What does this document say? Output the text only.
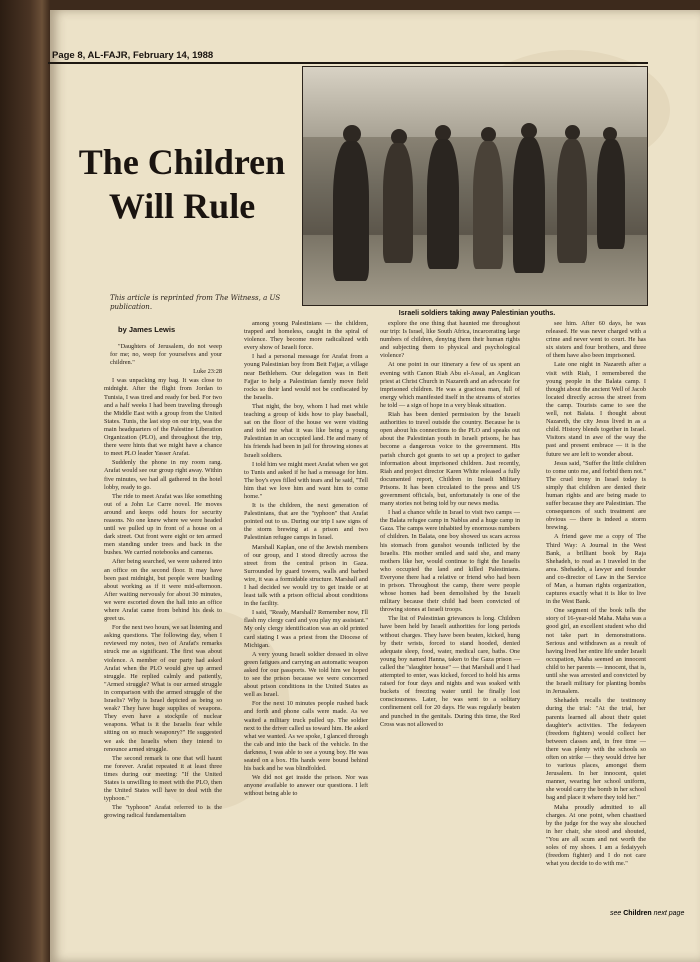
Page 8, AL-FAJR, February 14, 1988
Israeli soldiers taking away Palestinian youths.
The Children
Will Rule
This article is reprinted from The Witness, a US publication.
by James Lewis

"Daughters of Jerusalem, do not weep for me; no, weep for yourselves and your children."

Luke 23:28

I was unpacking my bag. It was close to midnight. After the flight from Jordan to Tunisia, I was tired and ready for bed. For two and a half weeks I had been traveling through the Middle East with a group from the United States. Tunis, the last stop on our trip, was the main headquarters of the Palestine Liberation Organization (PLO), and throughout the trip, there were hints that we might have a chance to meet PLO leader Yasser Arafat.

Suddenly the phone in my room rang. Arafat would see our group right away. Within five minutes, we had all gathered in the hotel lobby, ready to go.

The ride to meet Arafat was like something out of a John Le Carre novel. He moves around and keeps odd hours for security reasons. No one knew where we were headed until we pulled up in front of a house on a dark street. Out front were eight or ten armed men standing under trees and back in the bushes. We carried notebooks and cameras.

After being searched, we were ushered into an office on the second floor. It may have been past midnight, but people were bustling about working as if it were mid-afternoon. After waiting nervously for about 30 minutes, we were escorted down the hall into an office where Arafat came from behind his desk to greet us.

For the next two hours, we sat listening and asking questions. The following day, when I reviewed my notes, two of Arafat's remarks struck me as significant. The first was about violence. A member of our party had asked Arafat when the PLO would give up armed struggle. He replied calmly and patiently, "Armed struggle? What is our armed struggle in comparison with the armed struggle of the Israelis? Why is Israel depicted as being so weak? They have huge supplies of weapons. They even have a stockpile of nuclear weapons. What is it the Israelis fear while sitting on so much weaponry?" He suggested we ask the Israelis when they intend to renounce armed struggle.

The second remark is one that will haunt me forever. Arafat repeated it at least three times during our meeting: "If the United States is unwilling to meet with the PLO, then the United States will have to deal with the typhoon."

The "typhoon" Arafat referred to is the growing radical fundamentalism

among young Palestinians — the children, trapped and homeless, caught in the spiral of violence. They become more radicalized with every show of Israeli force.

I had a personal message for Arafat from a young Palestinian boy from Beit Fajjar, a village near Bethlehem. Our delegation was in Beit Fajjar to help a Palestinian family move field rocks so their land would not be confiscated by the Israelis.

That night, the boy, whom I had met while teaching a group of kids how to play baseball, sat on the floor of the house we were visiting and told me what it was like being a young Palestinian in an occupied land. He and many of his friends had been in jail for throwing stones at Israeli soldiers.

I told him we might meet Arafat when we got to Tunis and asked if he had a message for him. The boy's eyes filled with tears and he said, "Tell him that we love him and want him to come home."

It is the children, the next generation of Palestinians, that are the "typhoon" that Arafat pointed out to us. During our trip I saw signs of the storm brewing at a prison and two Palestinian refugee camps in Israel.

Marshall Kaplan, one of the Jewish members of our group, and I stood directly across the street from the central prison in Gaza. Surrounded by guard towers, walls and barbed wire, it was a formidable structure. Marshall and I had decided we would try to get inside or at least talk with a prison official about conditions in the facility.

I said, "Ready, Marshall? Remember now, I'll flash my clergy card and you play my assistant." My only clergy identification was an old printed card stating I was a priest from the Diocese of Michigan.

A very young Israeli soldier dressed in olive green fatigues and carrying an automatic weapon asked for our passports. We told him we hoped to see the prison because we were concerned about prison conditions in the United States as well as Israel.

For the next 10 minutes people rushed back and forth and phone calls were made. As we waited a military truck pulled up. The soldier next to the driver called us toward him. He asked what we wanted. As we spoke, I glanced through the cab and into the back of the vehicle. In the darkness, I was able to see a young boy. He was seated on a box. His hands were bound behind his back and he was blindfolded.

We did not get inside the prison. Nor was anyone available to answer our questions. I left without being able to

explore the one thing that haunted me throughout our trip: Is Israel, like South Africa, incarcerating large numbers of children, denying them their human rights and subjecting them to physical and psychological violence?

At one point in our itinerary a few of us spent an evening with Canon Riah Abu el-Assal, an Anglican priest at Christ Church in Nazareth and an advocate for imprisoned children. He was a gracious man, full of energy which manifested itself in the streams of stories he told — a sign of hope in a very bleak situation.

Riah has been denied permission by the Israeli authorities to travel outside the country. Because he is open about his connections to the PLO and speaks out about the Palestinian youth in Israeli prisons, he has become a dangerous voice to the government. His parish church got grants to set up a project to gather information about imprisoned children. Just recently, Riah and project director Karen White released a fully documented report, Children in Israeli Military Prisons. It has been circulated to the press and US government officials, but, unfortunately is one of the many stories not being told by our news media.

I had a chance while in Israel to visit two camps — the Balata refugee camp in Nablus and a huge camp in Gaza. The camps were inhabited by enormous numbers of children. In Balata, one boy showed us scars across his stomach from gunshot wounds inflicted by the Israelis. His mother smiled and said she, and many mothers like her, would continue to fight the Israelis who occupied the land and killed Palestinians. Everyone there had a relative or friend who had been in prison. Throughout the camp, there were people whose homes had been demolished by the Israeli military because their child had been convicted of throwing stones at Israeli troops.

The list of Palestinian grievances is long. Children have been held by Israeli authorities for long periods without charges. They have been beaten, kicked, hung by their wrists, forced to stand hooded, denied adequate sleep, food, water, medical care, baths. One young boy named Hanna, taken to the Gaza prison — called the "slaughter house" — that Marshall and I had attempted to enter, was kicked, forced to hold his arms raised for four days and nights and was soaked with buckets of freezing water until he finally lost consciousness. Later, he was sent to a solitary confinement cell for 20 days. He was regularly beaten and punched in the genitals. During this time, the Red Cross was not allowed to

see him. After 60 days, he was released. He was never charged with a crime and never went to court. He has six sisters and four brothers, and three of them have also been imprisoned.

Late one night in Nazareth after a visit with Riah, I remembered the young people in the Balata camp. I thought about the ancient Well of Jacob located directly across the street from the camp. Tourists came to see the well, not Balata. I thought about Nazareth, the city Jesus lived in as a child. History blends together in Israel. Visitors stand in awe of the way the past and present embrace — it is the future we are left to wonder about.

Jesus said, "Suffer the little children to come unto me, and forbid them not." The cruel irony in Israel today is simply that children are denied their human rights and are being made to suffer because they are Palestinian. The consequences of such treatment are obvious — there is indeed a storm brewing.

A friend gave me a copy of The Third Way: A Journal in the West Bank, a brilliant book by Raja Shehadeh, to read as I traveled in the area. Shehadeh, a lawyer and founder and co-director of Law in the Service of Man, a human rights organization, captures exactly what it is like to live in the West Bank.

One segment of the book tells the story of 16-year-old Maha. Maha was a good girl, an excellent student who did not take part in demonstrations. Serious and withdrawn as a result of having lived her entire life under Israeli occupation, Maha seemed an innocent child to her parents — innocent, that is, until she was arrested and convicted by the Israeli military for planting bombs in Jerusalem.

Shehadeh recalls the testimony during the trial: "At the trial, her parents learned all about their quiet daughter's activities. The fedayeen (freedom fighters) would collect her between classes and, in free time — there was plenty with the schools so often on strike — they would drive her to various places, amongst them Jerusalem. In her innocent, quiet manner, wearing her school uniform, she would carry the bomb in her school bag and place it where they told her."

Maha proudly admitted to all charges. At one point, when chastised by the judge for the way she slouched in her chair, she stood and shouted, "You are all scum and not worth the soles of my shoes. I am a fedaiyyeh (freedom fighter) and I do not care what you decide to do with me."

see Children next page
